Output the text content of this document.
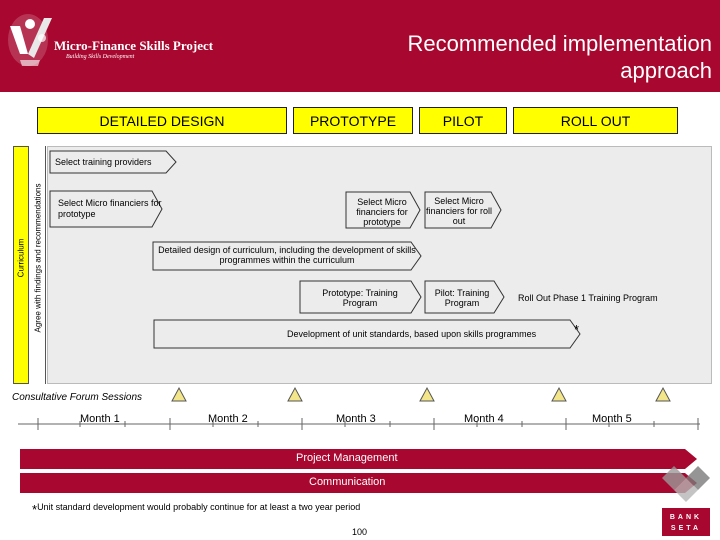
Micro-Finance Skills Project
Building Skills Development
Recommended implementation approach
DETAILED DESIGN	PROTOTYPE	PILOT	ROLL OUT
Curriculum Agree with findings and recommendations
Select training providers
Select Micro financiers for prototype
Select Micro financiers for prototype
Select Micro financiers for roll out
Detailed design of curriculum, including the development of skills programmes within the curriculum
Prototype: Training Program
Pilot: Training Program	Roll Out Phase 1 Training Program
Development of unit standards, based upon skills programmes	*
Consultative Forum Sessions
Month 1	Month 2	Month 3	Month 4	Month 5
Project Management
Communication
*Unit standard development would probably continue for at least a two year period
100
BANK
SETA
